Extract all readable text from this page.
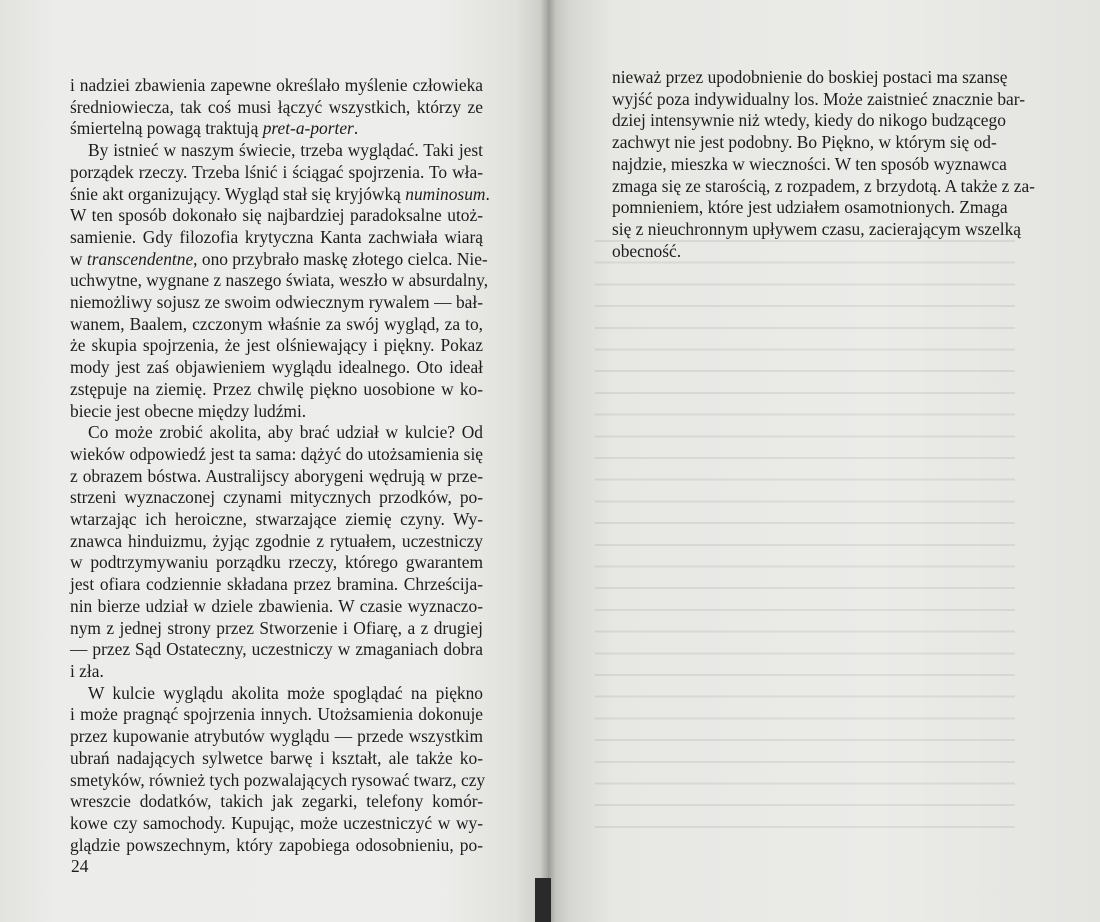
i nadziei zbawienia zapewne określało myślenie człowieka
średniowiecza, tak coś musi łączyć wszystkich, którzy ze
śmiertelną powagą traktują pret-a-porter.
By istnieć w naszym świecie, trzeba wyglądać. Taki jest
porządek rzeczy. Trzeba lśnić i ściągać spojrzenia. To wła-
śnie akt organizujący. Wygląd stał się kryjówką numinosum.
W ten sposób dokonało się najbardziej paradoksalne utoż-
samienie. Gdy filozofia krytyczna Kanta zachwiała wiarą
w transcendentne, ono przybrało maskę złotego cielca. Nie-
uchwytne, wygnane z naszego świata, weszło w absurdalny,
niemożliwy sojusz ze swoim odwiecznym rywalem — bał-
wanem, Baalem, czczonym właśnie za swój wygląd, za to,
że skupia spojrzenia, że jest olśniewający i piękny. Pokaz
mody jest zaś objawieniem wyglądu idealnego. Oto ideał
zstępuje na ziemię. Przez chwilę piękno uosobione w ko-
biecie jest obecne między ludźmi.
Co może zrobić akolita, aby brać udział w kulcie? Od
wieków odpowiedź jest ta sama: dążyć do utożsamienia się
z obrazem bóstwa. Australijscy aborygeni wędrują w prze-
strzeni wyznaczonej czynami mitycznych przodków, po-
wtarzając ich heroiczne, stwarzające ziemię czyny. Wy-
znawca hinduizmu, żyjąc zgodnie z rytuałem, uczestniczy
w podtrzymywaniu porządku rzeczy, którego gwarantem
jest ofiara codziennie składana przez bramina. Chrześcija-
nin bierze udział w dziele zbawienia. W czasie wyznaczo-
nym z jednej strony przez Stworzenie i Ofiarę, a z drugiej
— przez Sąd Ostateczny, uczestniczy w zmaganiach dobra
i zła.
W kulcie wyglądu akolita może spoglądać na piękno
i może pragnąć spojrzenia innych. Utożsamienia dokonuje
przez kupowanie atrybutów wyglądu — przede wszystkim
ubrań nadających sylwetce barwę i kształt, ale także ko-
smetyków, również tych pozwalających rysować twarz, czy
wreszcie dodatków, takich jak zegarki, telefony komór-
kowe czy samochody. Kupując, może uczestniczyć w wy-
glądzie powszechnym, który zapobiega odosobnieniu, po-
24
nieważ przez upodobnienie do boskiej postaci ma szansę
wyjść poza indywidualny los. Może zaistnieć znacznie bar-
dziej intensywnie niż wtedy, kiedy do nikogo budzącego
zachwyt nie jest podobny. Bo Piękno, w którym się od-
najdzie, mieszka w wieczności. W ten sposób wyznawca
zmaga się ze starością, z rozpadem, z brzydotą. A także z za-
pomnieniem, które jest udziałem osamotnionych. Zmaga
się z nieuchronnym upływem czasu, zacierającym wszelką
obecność.
